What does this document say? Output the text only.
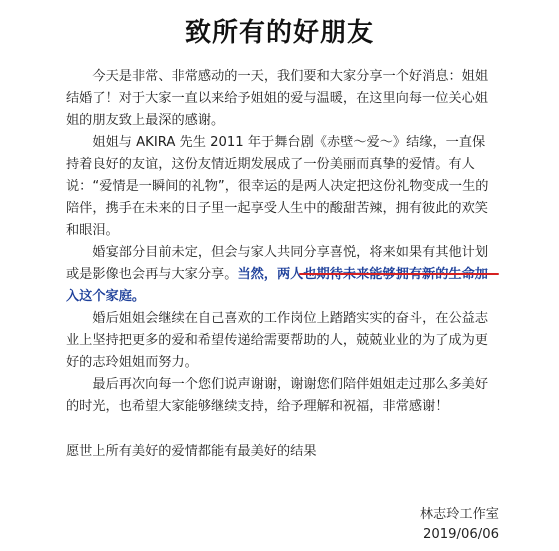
致所有的好朋友

今天是非常、非常感动的一天，我们要和大家分享一个好消息：姐姐结婚了！对于大家一直以来给予姐姐的爱与温暖，在这里向每一位关心姐姐的朋友致上最深的感谢。

姐姐与 AKIRA 先生 2011 年于舞台剧《赤壁～爱～》结缘，一直保持着良好的友谊，这份友情近期发展成了一份美丽而真挚的爱情。有人说：“爱情是一瞬间的礼物”，很幸运的是两人决定把这份礼物变成一生的陪伴，携手在未来的日子里一起享受人生中的酸甜苦辣，拥有彼此的欢笑和眼泪。

婚宴部分目前未定，但会与家人共同分享喜悦，将来如果有其他计划或是影像也会再与大家分享。当然，两人也期待未来能够拥有新的生命加入这个家庭。

婚后姐姐会继续在自己喜欢的工作岗位上踏踏实实的奋斗，在公益志业上坚持把更多的爱和希望传递给需要帮助的人，兢兢业业的为了成为更好的志玲姐姐而努力。

最后再次向每一个您们说声谢谢，谢谢您们陪伴姐姐走过那么多美好的时光，也希望大家能够继续支持，给予理解和祝福，非常感谢！

愿世上所有美好的爱情都能有最美好的结果
林志玲工作室
2019/06/06
